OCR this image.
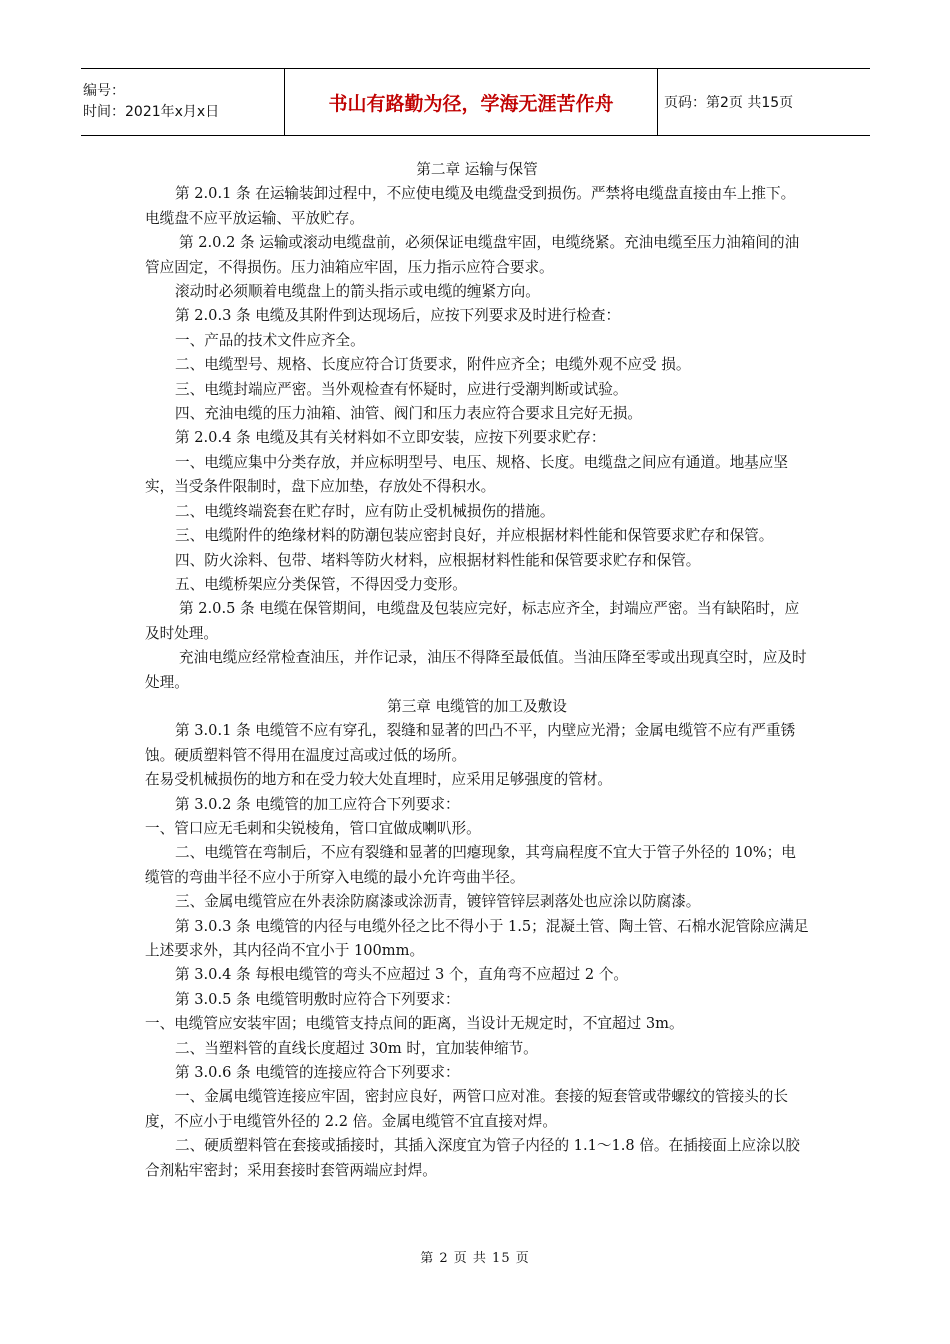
编号：
时间：2021年x月x日	书山有路勤为径，学海无涯苦作舟	页码：第2页 共15页

第二章 运输与保管

第 2.0.1 条 在运输装卸过程中，不应使电缆及电缆盘受到损伤。严禁将电缆盘直接由车上推下。电缆盘不应平放运输、平放贮存。

第 2.0.2 条 运输或滚动电缆盘前，必须保证电缆盘牢固，电缆绕紧。充油电缆至压力油箱间的油管应固定，不得损伤。压力油箱应牢固，压力指示应符合要求。

滚动时必须顺着电缆盘上的箭头指示或电缆的缠紧方向。

第 2.0.3 条 电缆及其附件到达现场后，应按下列要求及时进行检查：

一、产品的技术文件应齐全。

二、电缆型号、规格、长度应符合订货要求，附件应齐全；电缆外观不应受 损。

三、电缆封端应严密。当外观检查有怀疑时，应进行受潮判断或试验。

四、充油电缆的压力油箱、油管、阀门和压力表应符合要求且完好无损。

第 2.0.4 条 电缆及其有关材料如不立即安装，应按下列要求贮存：

一、电缆应集中分类存放，并应标明型号、电压、规格、长度。电缆盘之间应有通道。地基应坚实，当受条件限制时，盘下应加垫，存放处不得积水。

二、电缆终端瓷套在贮存时，应有防止受机械损伤的措施。

三、电缆附件的绝缘材料的防潮包装应密封良好，并应根据材料性能和保管要求贮存和保管。

四、防火涂料、包带、堵料等防火材料，应根据材料性能和保管要求贮存和保管。

五、电缆桥架应分类保管，不得因受力变形。

第 2.0.5 条 电缆在保管期间，电缆盘及包装应完好，标志应齐全，封端应严密。当有缺陷时，应及时处理。

充油电缆应经常检查油压，并作记录，油压不得降至最低值。当油压降至零或出现真空时，应及时处理。

第三章 电缆管的加工及敷设

第 3.0.1 条 电缆管不应有穿孔，裂缝和显著的凹凸不平，内壁应光滑；金属电缆管不应有严重锈蚀。硬质塑料管不得用在温度过高或过低的场所。

在易受机械损伤的地方和在受力较大处直埋时，应采用足够强度的管材。

第 3.0.2 条 电缆管的加工应符合下列要求：

一、管口应无毛刺和尖锐棱角，管口宜做成喇叭形。

二、电缆管在弯制后，不应有裂缝和显著的凹瘪现象，其弯扁程度不宜大于管子外径的 10%；电缆管的弯曲半径不应小于所穿入电缆的最小允许弯曲半径。

三、金属电缆管应在外表涂防腐漆或涂沥青，镀锌管锌层剥落处也应涂以防腐漆。

第 3.0.3 条 电缆管的内径与电缆外径之比不得小于 1.5；混凝土管、陶土管、石棉水泥管除应满足上述要求外，其内径尚不宜小于 100mm。

第 3.0.4 条 每根电缆管的弯头不应超过 3 个，直角弯不应超过 2 个。

第 3.0.5 条 电缆管明敷时应符合下列要求：

一、电缆管应安装牢固；电缆管支持点间的距离，当设计无规定时，不宜超过 3m。

二、当塑料管的直线长度超过 30m 时，宜加装伸缩节。

第 3.0.6 条 电缆管的连接应符合下列要求：

一、金属电缆管连接应牢固，密封应良好，两管口应对准。套接的短套管或带螺纹的管接头的长度，不应小于电缆管外径的 2.2 倍。金属电缆管不宜直接对焊。

二、硬质塑料管在套接或插接时，其插入深度宜为管子内径的 1.1～1.8 倍。在插接面上应涂以胶合剂粘牢密封；采用套接时套管两端应封焊。

第 2 页 共 15 页
